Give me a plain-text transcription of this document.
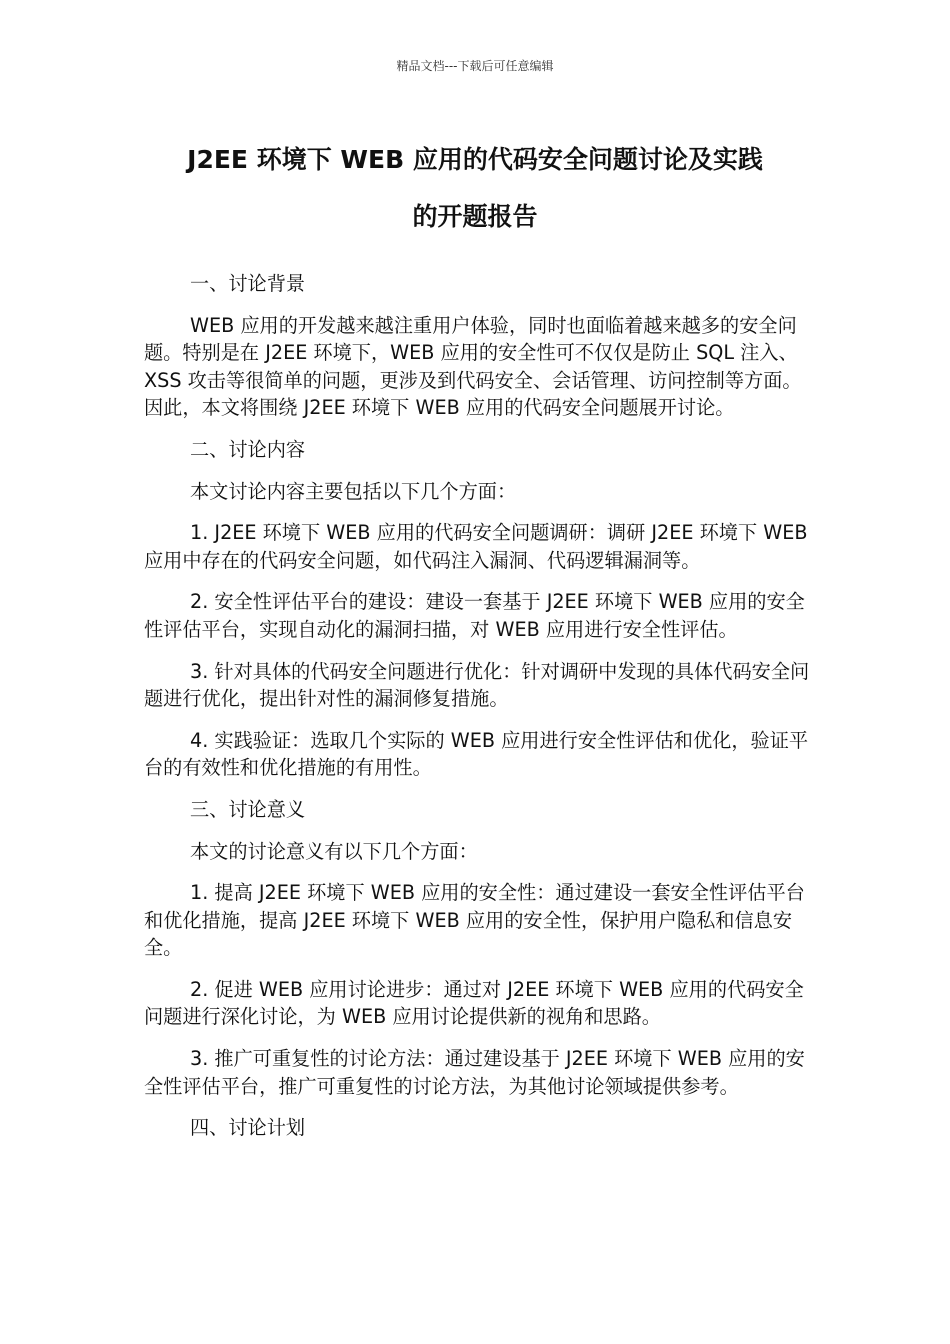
精品文档---下载后可任意编辑
J2EE 环境下 WEB 应用的代码安全问题讨论及实践
的开题报告

一、讨论背景

WEB 应用的开发越来越注重用户体验，同时也面临着越来越多的安全问题。特别是在 J2EE 环境下，WEB 应用的安全性可不仅仅是防止 SQL 注入、XSS 攻击等很简单的问题，更涉及到代码安全、会话管理、访问控制等方面。因此，本文将围绕 J2EE 环境下 WEB 应用的代码安全问题展开讨论。

二、讨论内容

本文讨论内容主要包括以下几个方面：

1. J2EE 环境下 WEB 应用的代码安全问题调研：调研 J2EE 环境下 WEB 应用中存在的代码安全问题，如代码注入漏洞、代码逻辑漏洞等。

2. 安全性评估平台的建设：建设一套基于 J2EE 环境下 WEB 应用的安全性评估平台，实现自动化的漏洞扫描，对 WEB 应用进行安全性评估。

3. 针对具体的代码安全问题进行优化：针对调研中发现的具体代码安全问题进行优化，提出针对性的漏洞修复措施。

4. 实践验证：选取几个实际的 WEB 应用进行安全性评估和优化，验证平台的有效性和优化措施的有用性。

三、讨论意义

本文的讨论意义有以下几个方面：

1. 提高 J2EE 环境下 WEB 应用的安全性：通过建设一套安全性评估平台和优化措施，提高 J2EE 环境下 WEB 应用的安全性，保护用户隐私和信息安全。

2. 促进 WEB 应用讨论进步：通过对 J2EE 环境下 WEB 应用的代码安全问题进行深化讨论，为 WEB 应用讨论提供新的视角和思路。

3. 推广可重复性的讨论方法：通过建设基于 J2EE 环境下 WEB 应用的安全性评估平台，推广可重复性的讨论方法，为其他讨论领域提供参考。

四、讨论计划
